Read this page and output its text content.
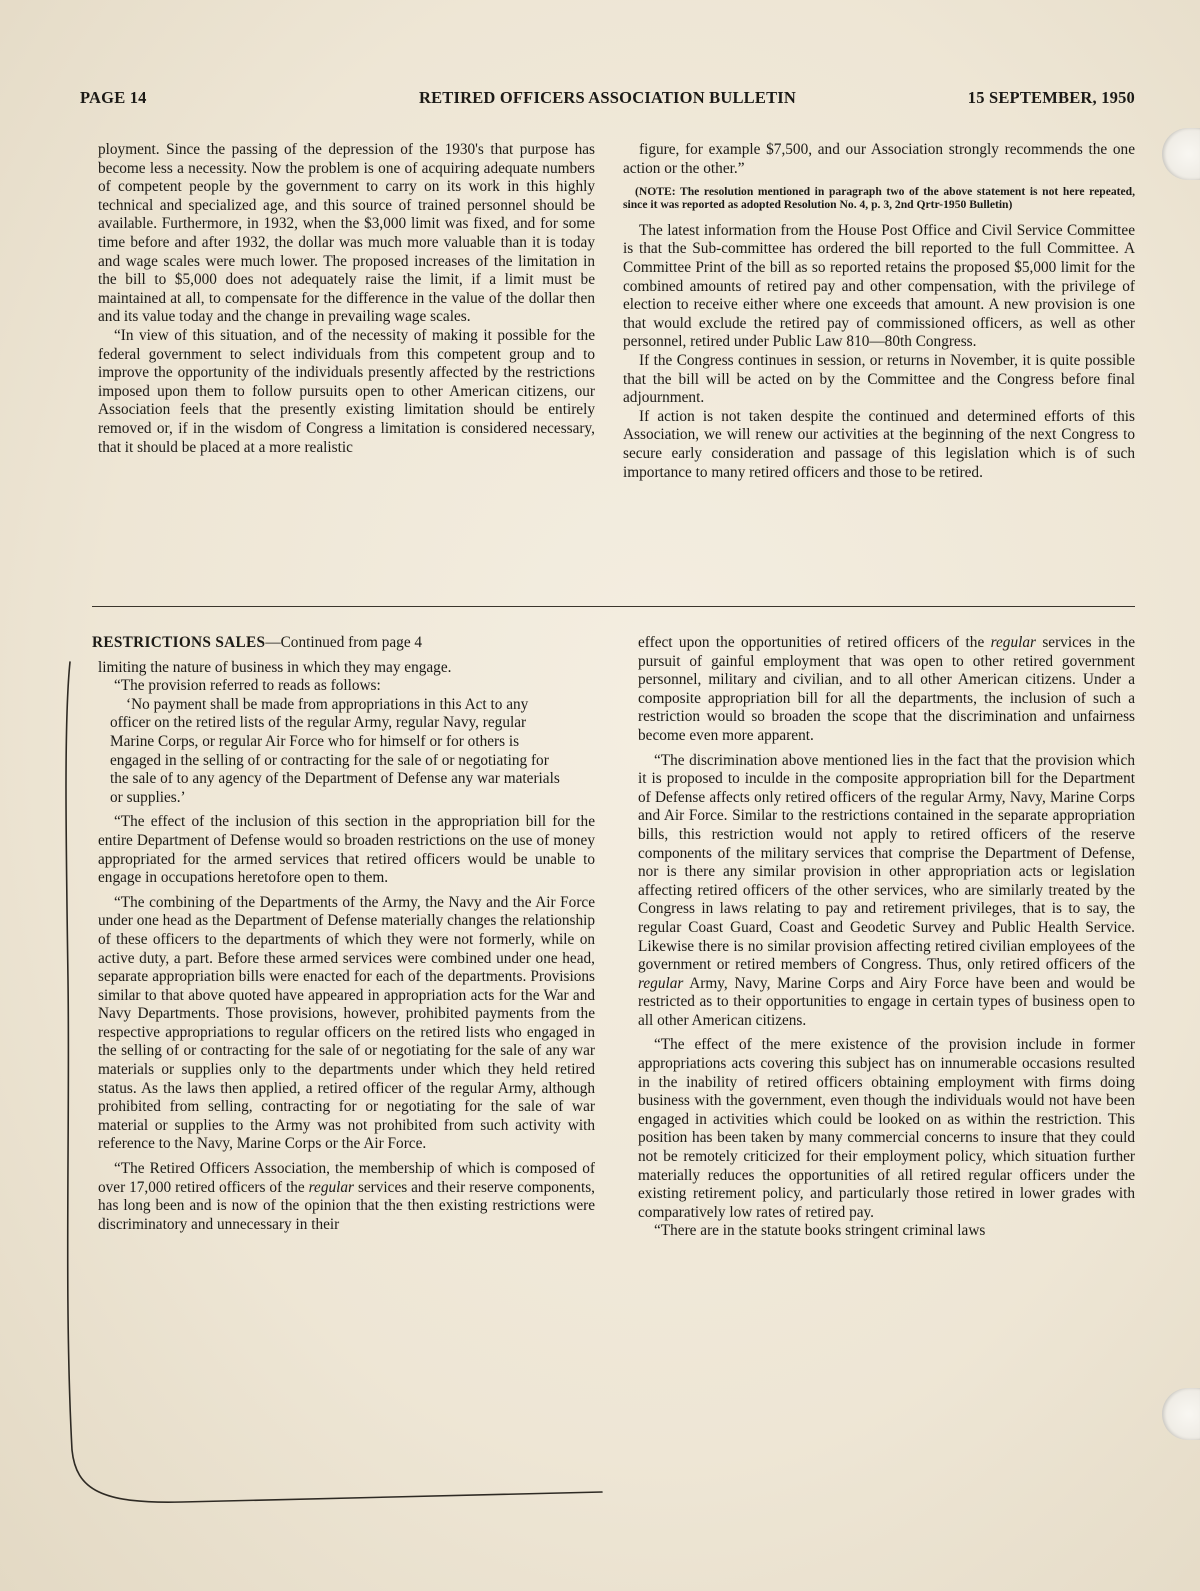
PAGE 14	RETIRED OFFICERS ASSOCIATION BULLETIN	15 SEPTEMBER, 1950

ployment. Since the passing of the depression of the 1930's that purpose has become less a necessity. Now the problem is one of acquiring adequate numbers of competent people by the government to carry on its work in this highly technical and specialized age, and this source of trained personnel should be available. Furthermore, in 1932, when the $3,000 limit was fixed, and for some time before and after 1932, the dollar was much more valuable than it is today and wage scales were much lower. The proposed increases of the limitation in the bill to $5,000 does not adequately raise the limit, if a limit must be maintained at all, to compensate for the difference in the value of the dollar then and its value today and the change in prevailing wage scales.

“In view of this situation, and of the necessity of making it possible for the federal government to select individuals from this competent group and to improve the opportunity of the individuals presently affected by the restrictions imposed upon them to follow pursuits open to other American citizens, our Association feels that the presently existing limitation should be entirely removed or, if in the wisdom of Congress a limitation is considered necessary, that it should be placed at a more realistic

figure, for example $7,500, and our Association strongly recommends the one action or the other.”

(NOTE: The resolution mentioned in paragraph two of the above statement is not here repeated, since it was reported as adopted Resolution No. 4, p. 3, 2nd Qrtr-1950 Bulletin)

The latest information from the House Post Office and Civil Service Committee is that the Sub-committee has ordered the bill reported to the full Committee. A Committee Print of the bill as so reported retains the proposed $5,000 limit for the combined amounts of retired pay and other compensation, with the privilege of election to receive either where one exceeds that amount. A new provision is one that would exclude the retired pay of commissioned officers, as well as other personnel, retired under Public Law 810—80th Congress.

If the Congress continues in session, or returns in November, it is quite possible that the bill will be acted on by the Committee and the Congress before final adjournment.

If action is not taken despite the continued and determined efforts of this Association, we will renew our activities at the beginning of the next Congress to secure early consideration and passage of this legislation which is of such importance to many retired officers and those to be retired.

RESTRICTIONS SALES—Continued from page 4

limiting the nature of business in which they may engage.

“The provision referred to reads as follows:

‘No payment shall be made from appropriations in this Act to any officer on the retired lists of the regular Army, regular Navy, regular Marine Corps, or regular Air Force who for himself or for others is engaged in the selling of or contracting for the sale of or negotiating for the sale of to any agency of the Department of Defense any war materials or supplies.’

“The effect of the inclusion of this section in the appropriation bill for the entire Department of Defense would so broaden restrictions on the use of money appropriated for the armed services that retired officers would be unable to engage in occupations heretofore open to them.

“The combining of the Departments of the Army, the Navy and the Air Force under one head as the Department of Defense materially changes the relationship of these officers to the departments of which they were not formerly, while on active duty, a part. Before these armed services were combined under one head, separate appropriation bills were enacted for each of the departments. Provisions similar to that above quoted have appeared in appropriation acts for the War and Navy Departments. Those provisions, however, prohibited payments from the respective appropriations to regular officers on the retired lists who engaged in the selling of or contracting for the sale of or negotiating for the sale of any war materials or supplies only to the departments under which they held retired status. As the laws then applied, a retired officer of the regular Army, although prohibited from selling, contracting for or negotiating for the sale of war material or supplies to the Army was not prohibited from such activity with reference to the Navy, Marine Corps or the Air Force.

“The Retired Officers Association, the membership of which is composed of over 17,000 retired officers of the regular services and their reserve components, has long been and is now of the opinion that the then existing restrictions were discriminatory and unnecessary in their

effect upon the opportunities of retired officers of the regular services in the pursuit of gainful employment that was open to other retired government personnel, military and civilian, and to all other American citizens. Under a composite appropriation bill for all the departments, the inclusion of such a restriction would so broaden the scope that the discrimination and unfairness become even more apparent.

“The discrimination above mentioned lies in the fact that the provision which it is proposed to inculde in the composite appropriation bill for the Department of Defense affects only retired officers of the regular Army, Navy, Marine Corps and Air Force. Similar to the restrictions contained in the separate appropriation bills, this restriction would not apply to retired officers of the reserve components of the military services that comprise the Department of Defense, nor is there any similar provision in other appropriation acts or legislation affecting retired officers of the other services, who are similarly treated by the Congress in laws relating to pay and retirement privileges, that is to say, the regular Coast Guard, Coast and Geodetic Survey and Public Health Service. Likewise there is no similar provision affecting retired civilian employees of the government or retired members of Congress. Thus, only retired officers of the regular Army, Navy, Marine Corps and Airy Force have been and would be restricted as to their opportunities to engage in certain types of business open to all other American citizens.

“The effect of the mere existence of the provision include in former appropriations acts covering this subject has on innumerable occasions resulted in the inability of retired officers obtaining employment with firms doing business with the government, even though the individuals would not have been engaged in activities which could be looked on as within the restriction. This position has been taken by many commercial concerns to insure that they could not be remotely criticized for their employment policy, which situation further materially reduces the opportunities of all retired regular officers under the existing retirement policy, and particularly those retired in lower grades with comparatively low rates of retired pay.

“There are in the statute books stringent criminal laws
